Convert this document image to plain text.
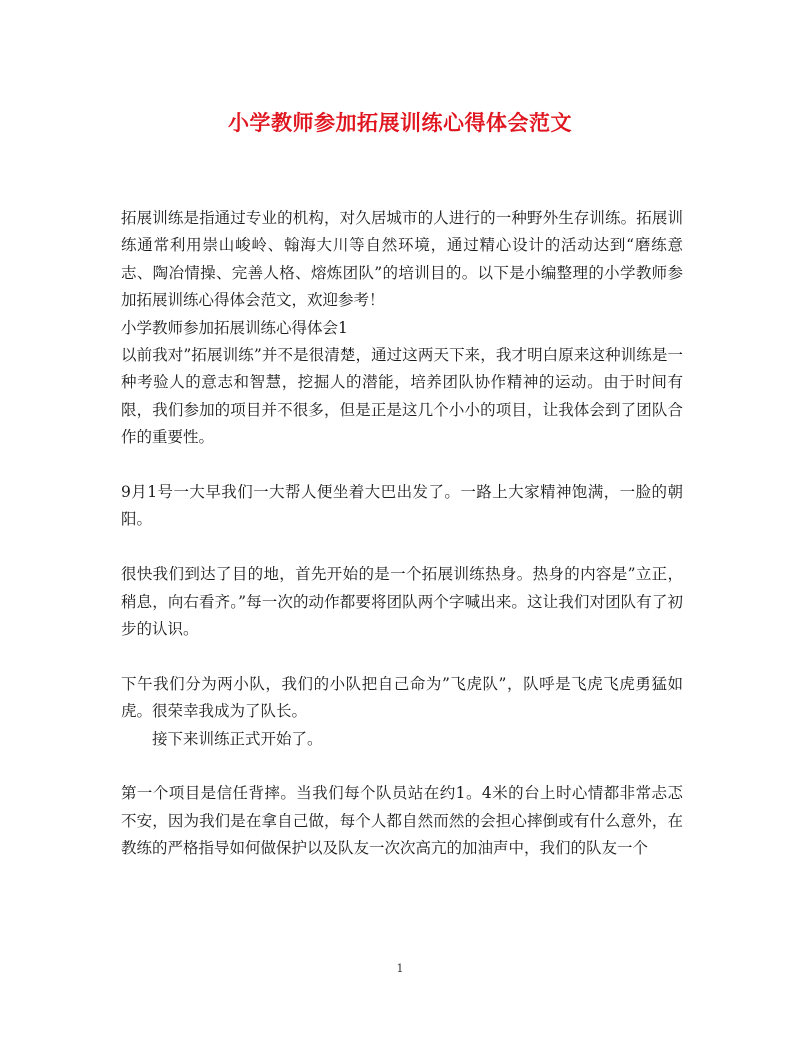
小学教师参加拓展训练心得体会范文

拓展训练是指通过专业的机构，对久居城市的人进行的一种野外生存训练。拓展训练通常利用崇山峻岭、翰海大川等自然环境，通过精心设计的活动达到“磨练意志、陶冶情操、完善人格、熔炼团队”的培训目的。以下是小编整理的小学教师参加拓展训练心得体会范文，欢迎参考！

小学教师参加拓展训练心得体会1

以前我对”拓展训练”并不是很清楚，通过这两天下来，我才明白原来这种训练是一种考验人的意志和智慧，挖掘人的潜能，培养团队协作精神的运动。由于时间有限，我们参加的项目并不很多，但是正是这几个小小的项目，让我体会到了团队合作的重要性。

9月1号一大早我们一大帮人便坐着大巴出发了。一路上大家精神饱满，一脸的朝阳。

很快我们到达了目的地，首先开始的是一个拓展训练热身。热身的内容是”立正，稍息，向右看齐。”每一次的动作都要将团队两个字喊出来。这让我们对团队有了初步的认识。

下午我们分为两小队，我们的小队把自己命为”飞虎队”，队呼是飞虎飞虎勇猛如虎。很荣幸我成为了队长。

接下来训练正式开始了。

第一个项目是信任背摔。当我们每个队员站在约1。4米的台上时心情都非常忐忑不安，因为我们是在拿自己做，每个人都自然而然的会担心摔倒或有什么意外，在教练的严格指导如何做保护以及队友一次次高亢的加油声中，我们的队友一个

1
